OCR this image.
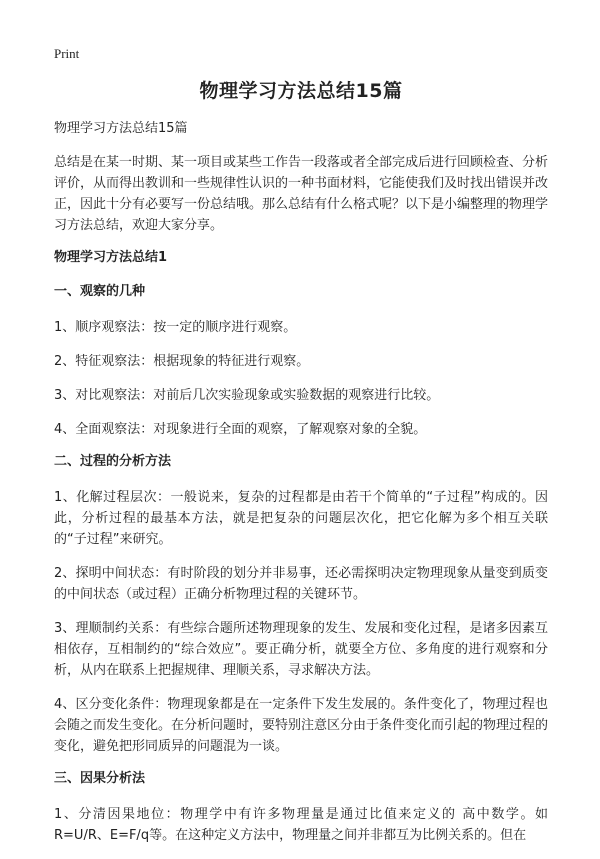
Print
物理学习方法总结15篇
物理学习方法总结15篇
总结是在某一时期、某一项目或某些工作告一段落或者全部完成后进行回顾检查、分析评价，从而得出教训和一些规律性认识的一种书面材料，它能使我们及时找出错误并改正，因此十分有必要写一份总结哦。那么总结有什么格式呢？以下是小编整理的物理学习方法总结，欢迎大家分享。
物理学习方法总结1
一、观察的几种
1、顺序观察法：按一定的顺序进行观察。
2、特征观察法：根据现象的特征进行观察。
3、对比观察法：对前后几次实验现象或实验数据的观察进行比较。
4、全面观察法：对现象进行全面的观察，了解观察对象的全貌。
二、过程的分析方法
1、化解过程层次：一般说来，复杂的过程都是由若干个简单的“子过程”构成的。因此，分析过程的最基本方法，就是把复杂的问题层次化，把它化解为多个相互关联的“子过程”来研究。
2、探明中间状态：有时阶段的划分并非易事，还必需探明决定物理现象从量变到质变的中间状态（或过程）正确分析物理过程的关键环节。
3、理顺制约关系：有些综合题所述物理现象的发生、发展和变化过程，是诸多因素互相依存，互相制约的“综合效应”。要正确分析，就要全方位、多角度的进行观察和分析，从内在联系上把握规律、理顺关系，寻求解决方法。
4、区分变化条件：物理现象都是在一定条件下发生发展的。条件变化了，物理过程也会随之而发生变化。在分析问题时，要特别注意区分由于条件变化而引起的物理过程的变化，避免把形同质异的问题混为一谈。
三、因果分析法
1、分清因果地位：物理学中有许多物理量是通过比值来定义的 高中数学。如R=U/R、E=F/q等。在这种定义方法中，物理量之间并非都互为比例关系的。但在
